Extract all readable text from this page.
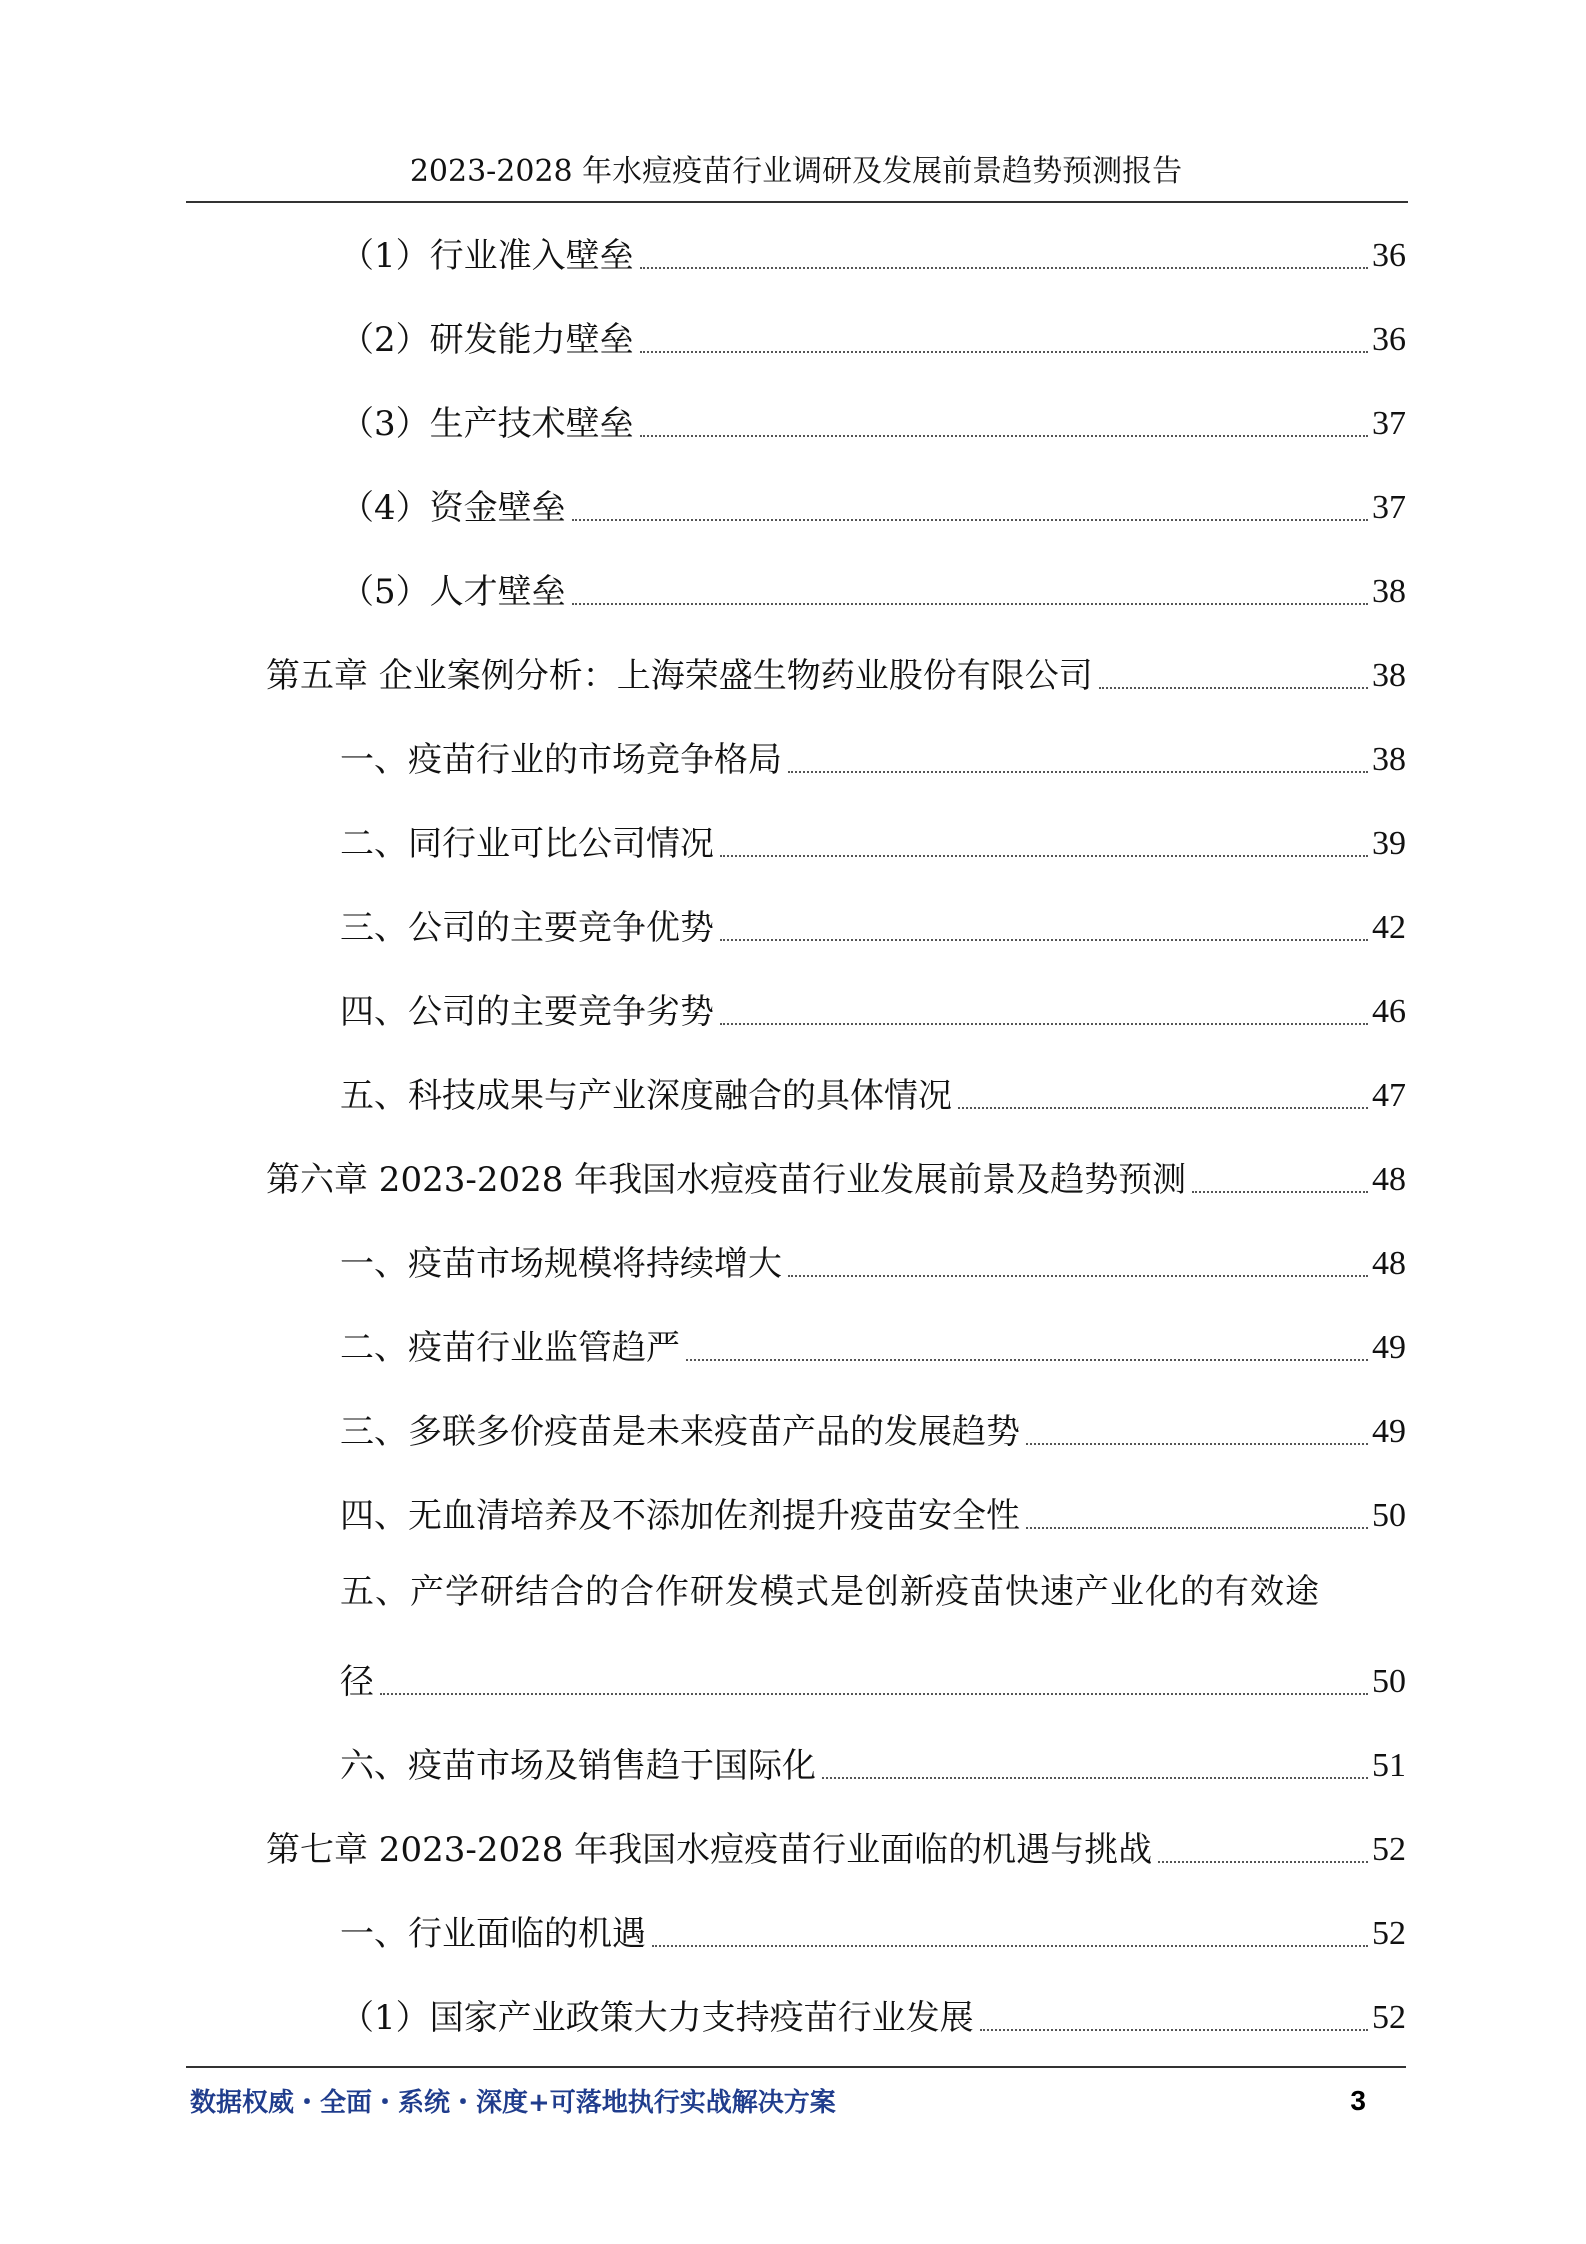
2023-2028 年水痘疫苗行业调研及发展前景趋势预测报告
（1）行业准入壁垒	36
（2）研发能力壁垒	36
（3）生产技术壁垒	37
（4）资金壁垒	37
（5）人才壁垒	38
第五章 企业案例分析：上海荣盛生物药业股份有限公司	38
一、疫苗行业的市场竞争格局	38
二、同行业可比公司情况	39
三、公司的主要竞争优势	42
四、公司的主要竞争劣势	46
五、科技成果与产业深度融合的具体情况	47
第六章 2023-2028 年我国水痘疫苗行业发展前景及趋势预测	48
一、疫苗市场规模将持续增大	48
二、疫苗行业监管趋严	49
三、多联多价疫苗是未来疫苗产品的发展趋势	49
四、无血清培养及不添加佐剂提升疫苗安全性	50
五、产学研结合的合作研发模式是创新疫苗快速产业化的有效途
径	50
六、疫苗市场及销售趋于国际化	51
第七章 2023-2028 年我国水痘疫苗行业面临的机遇与挑战	52
一、行业面临的机遇	52
（1）国家产业政策大力支持疫苗行业发展	52
数据权威・全面・系统・深度+可落地执行实战解决方案	3
